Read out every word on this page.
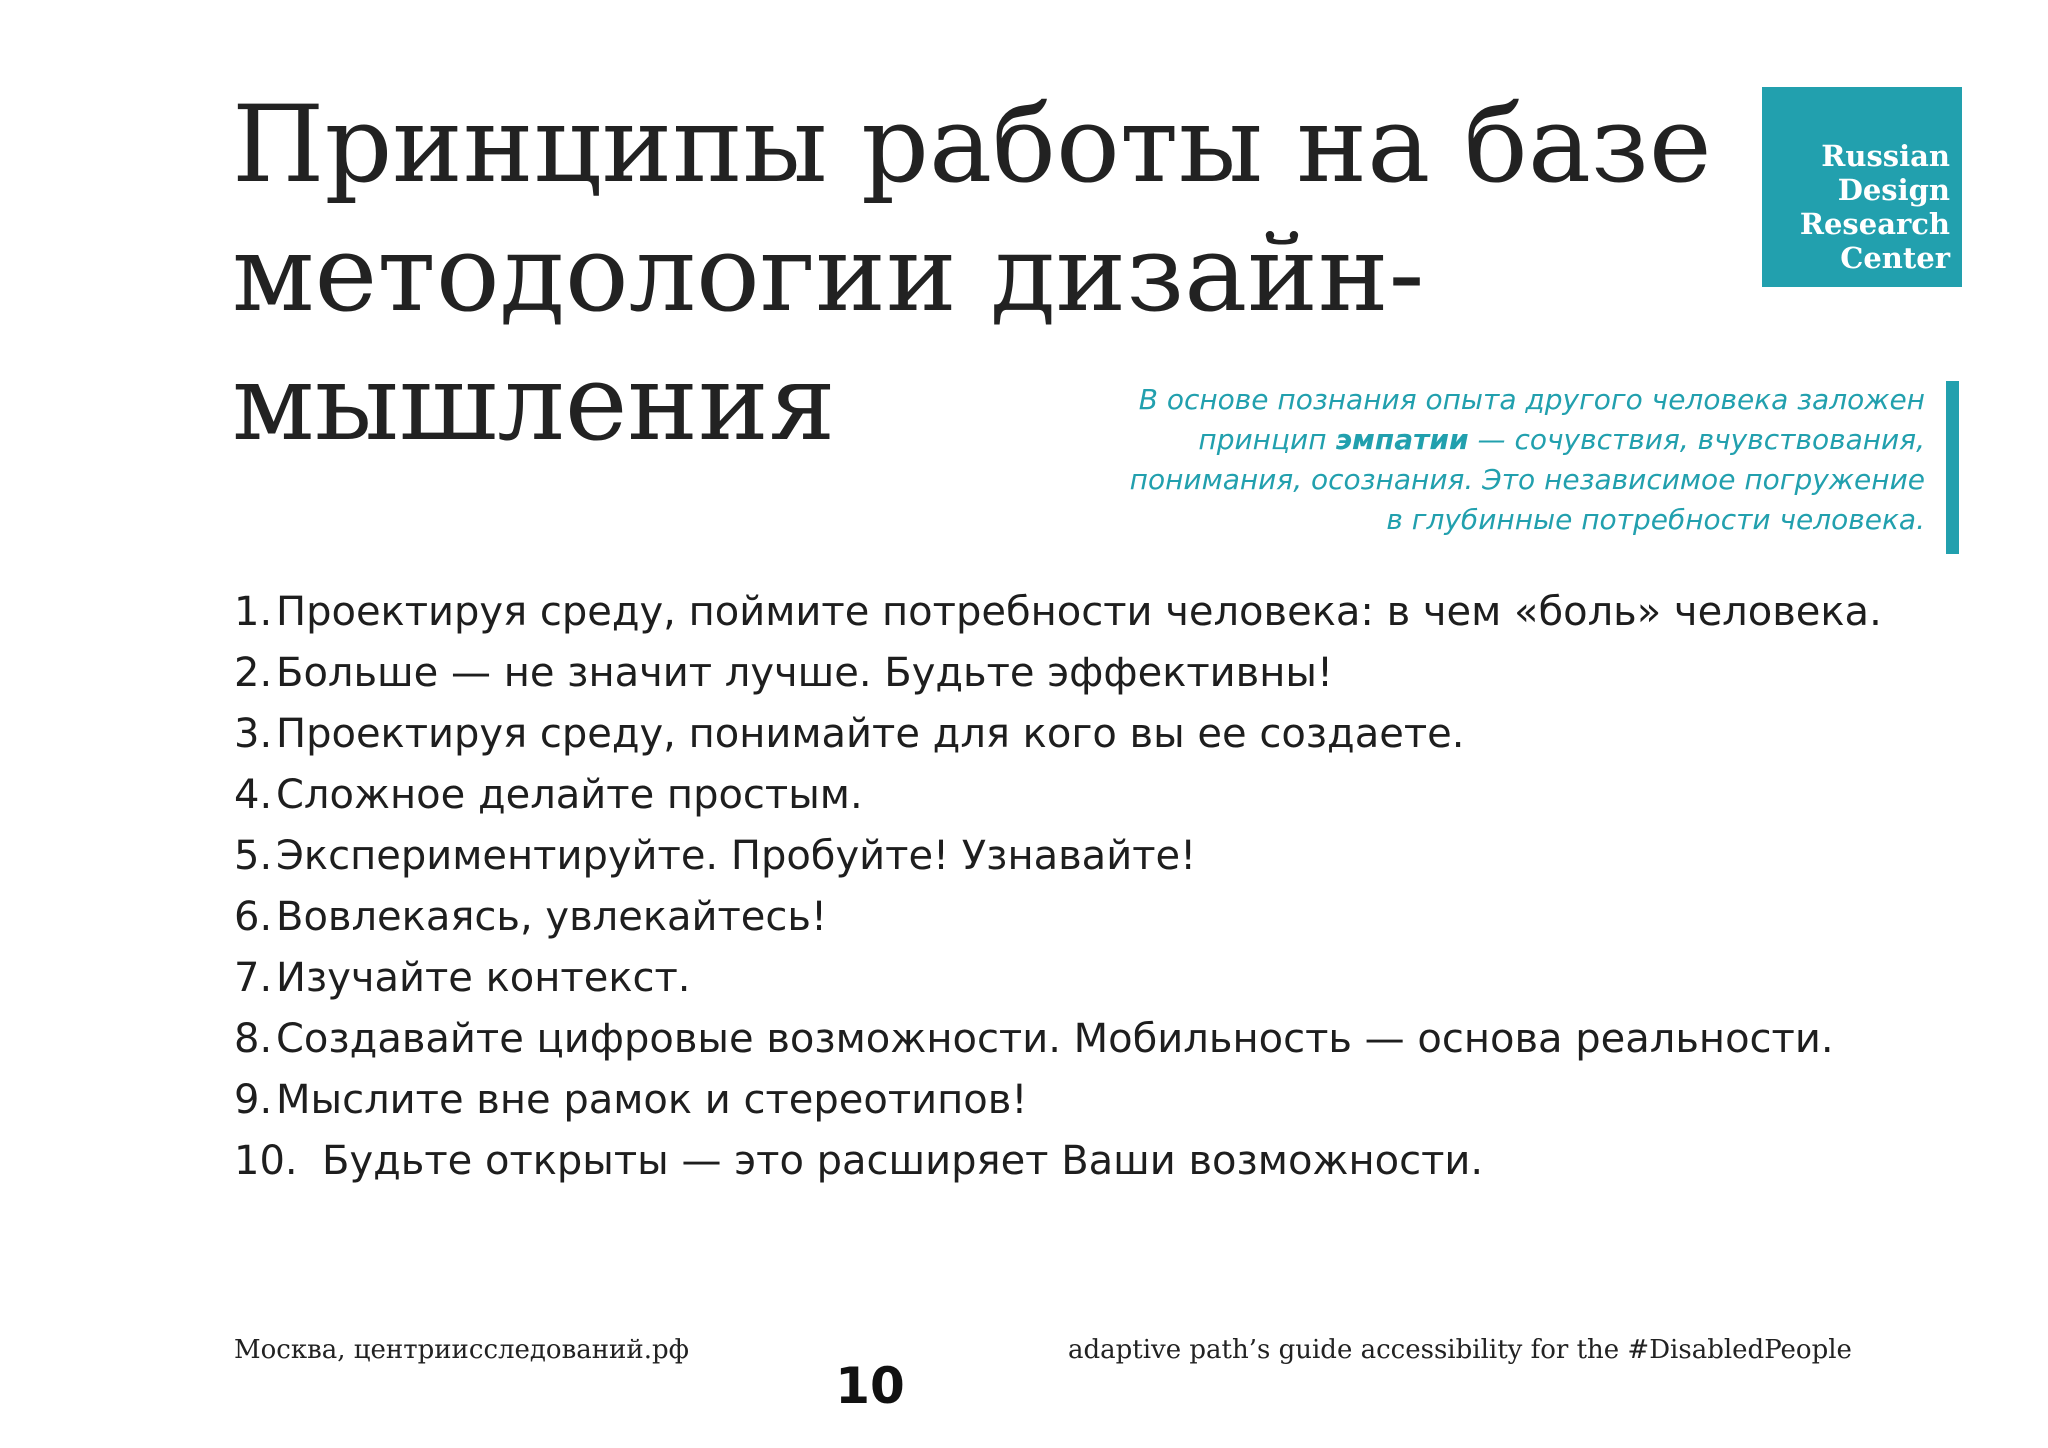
Принципы работы на базе
методологии дизайн-
мышления
Russian
Design
Research
Center
В основе познания опыта другого человека заложен
принцип эмпатии — сочувствия, вчувствования,
понимания, осознания. Это независимое погружение
в глубинные потребности человека.
1. Проектируя среду, поймите потребности человека: в чем «боль» человека.
2. Больше — не значит лучше. Будьте эффективны!
3. Проектируя среду, понимайте для кого вы ее создаете.
4. Сложное делайте простым.
5. Экспериментируйте. Пробуйте! Узнавайте!
6. Вовлекаясь, увлекайтесь!
7. Изучайте контекст.
8. Создавайте цифровые возможности. Мобильность — основа реальности.
9. Мыслите вне рамок и стереотипов!
10. Будьте открыты — это расширяет Ваши возможности.
Москва, центриисследований.рф	adaptive path’s guide accessibility for the #DisabledPeople
10
